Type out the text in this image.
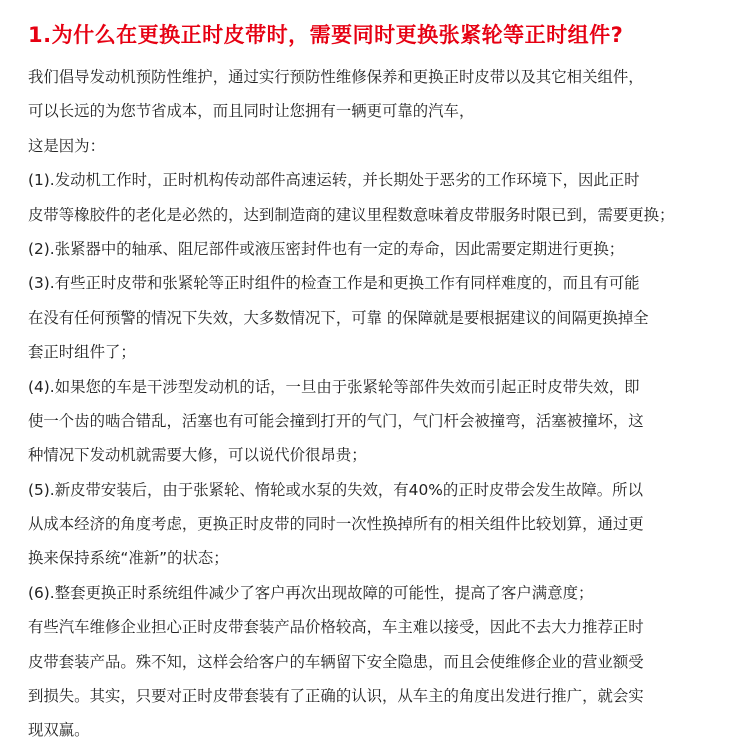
1.为什么在更换正时皮带时，需要同时更换张紧轮等正时组件?
我们倡导发动机预防性维护，通过实行预防性维修保养和更换正时皮带以及其它相关组件，
可以长远的为您节省成本，而且同时让您拥有一辆更可靠的汽车，
这是因为：
(1).发动机工作时，正时机构传动部件高速运转，并长期处于恶劣的工作环境下，因此正时
皮带等橡胶件的老化是必然的，达到制造商的建议里程数意味着皮带服务时限已到，需要更换；
(2).张紧器中的轴承、阻尼部件或液压密封件也有一定的寿命，因此需要定期进行更换；
(3).有些正时皮带和张紧轮等正时组件的检查工作是和更换工作有同样难度的，而且有可能
在没有任何预警的情况下失效，大多数情况下，可靠 的保障就是要根据建议的间隔更换掉全
套正时组件了；
(4).如果您的车是干涉型发动机的话，一旦由于张紧轮等部件失效而引起正时皮带失效，即
使一个齿的啮合错乱，活塞也有可能会撞到打开的气门，气门杆会被撞弯，活塞被撞坏，这
种情况下发动机就需要大修，可以说代价很昂贵；
(5).新皮带安装后，由于张紧轮、惰轮或水泵的失效，有40%的正时皮带会发生故障。所以
从成本经济的角度考虑，更换正时皮带的同时一次性换掉所有的相关组件比较划算，通过更
换来保持系统“准新”的状态；
(6).整套更换正时系统组件减少了客户再次出现故障的可能性，提高了客户满意度；
有些汽车维修企业担心正时皮带套装产品价格较高，车主难以接受，因此不去大力推荐正时
皮带套装产品。殊不知，这样会给客户的车辆留下安全隐患，而且会使维修企业的营业额受
到损失。其实，只要对正时皮带套装有了正确的认识，从车主的角度出发进行推广，就会实
现双赢。
